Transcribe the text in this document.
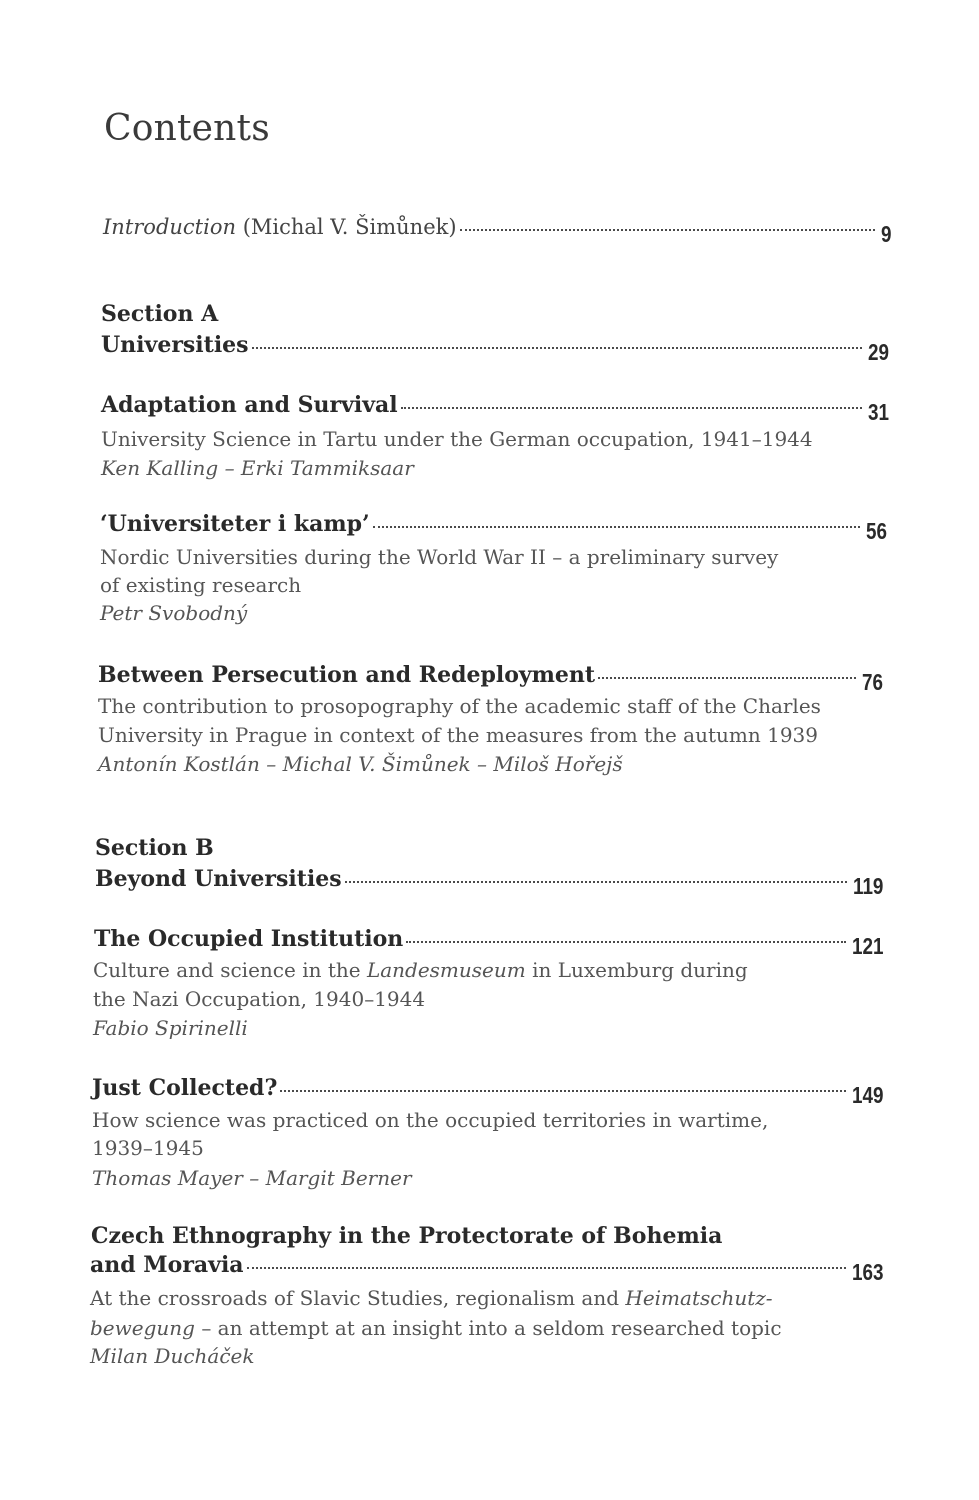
Contents
Introduction (Michal V. Šimůnek)	9
Section A
Universities	29
Adaptation and Survival	31
University Science in Tartu under the German occupation, 1941–1944
Ken Kalling – Erki Tammiksaar
‘Universiteter i kamp’	56
Nordic Universities during the World War II – a preliminary survey
of existing research
Petr Svobodný
Between Persecution and Redeployment	76
The contribution to prosopography of the academic staff of the Charles
University in Prague in context of the measures from the autumn 1939
Antonín Kostlán – Michal V. Šimůnek – Miloš Hořejš
Section B
Beyond Universities	119
The Occupied Institution	121
Culture and science in the Landesmuseum in Luxemburg during
the Nazi Occupation, 1940–1944
Fabio Spirinelli
Just Collected?	149
How science was practiced on the occupied territories in wartime,
1939–1945
Thomas Mayer – Margit Berner
Czech Ethnography in the Protectorate of Bohemia
and Moravia	163
At the crossroads of Slavic Studies, regionalism and Heimatschutz-
bewegung – an attempt at an insight into a seldom researched topic
Milan Ducháček
